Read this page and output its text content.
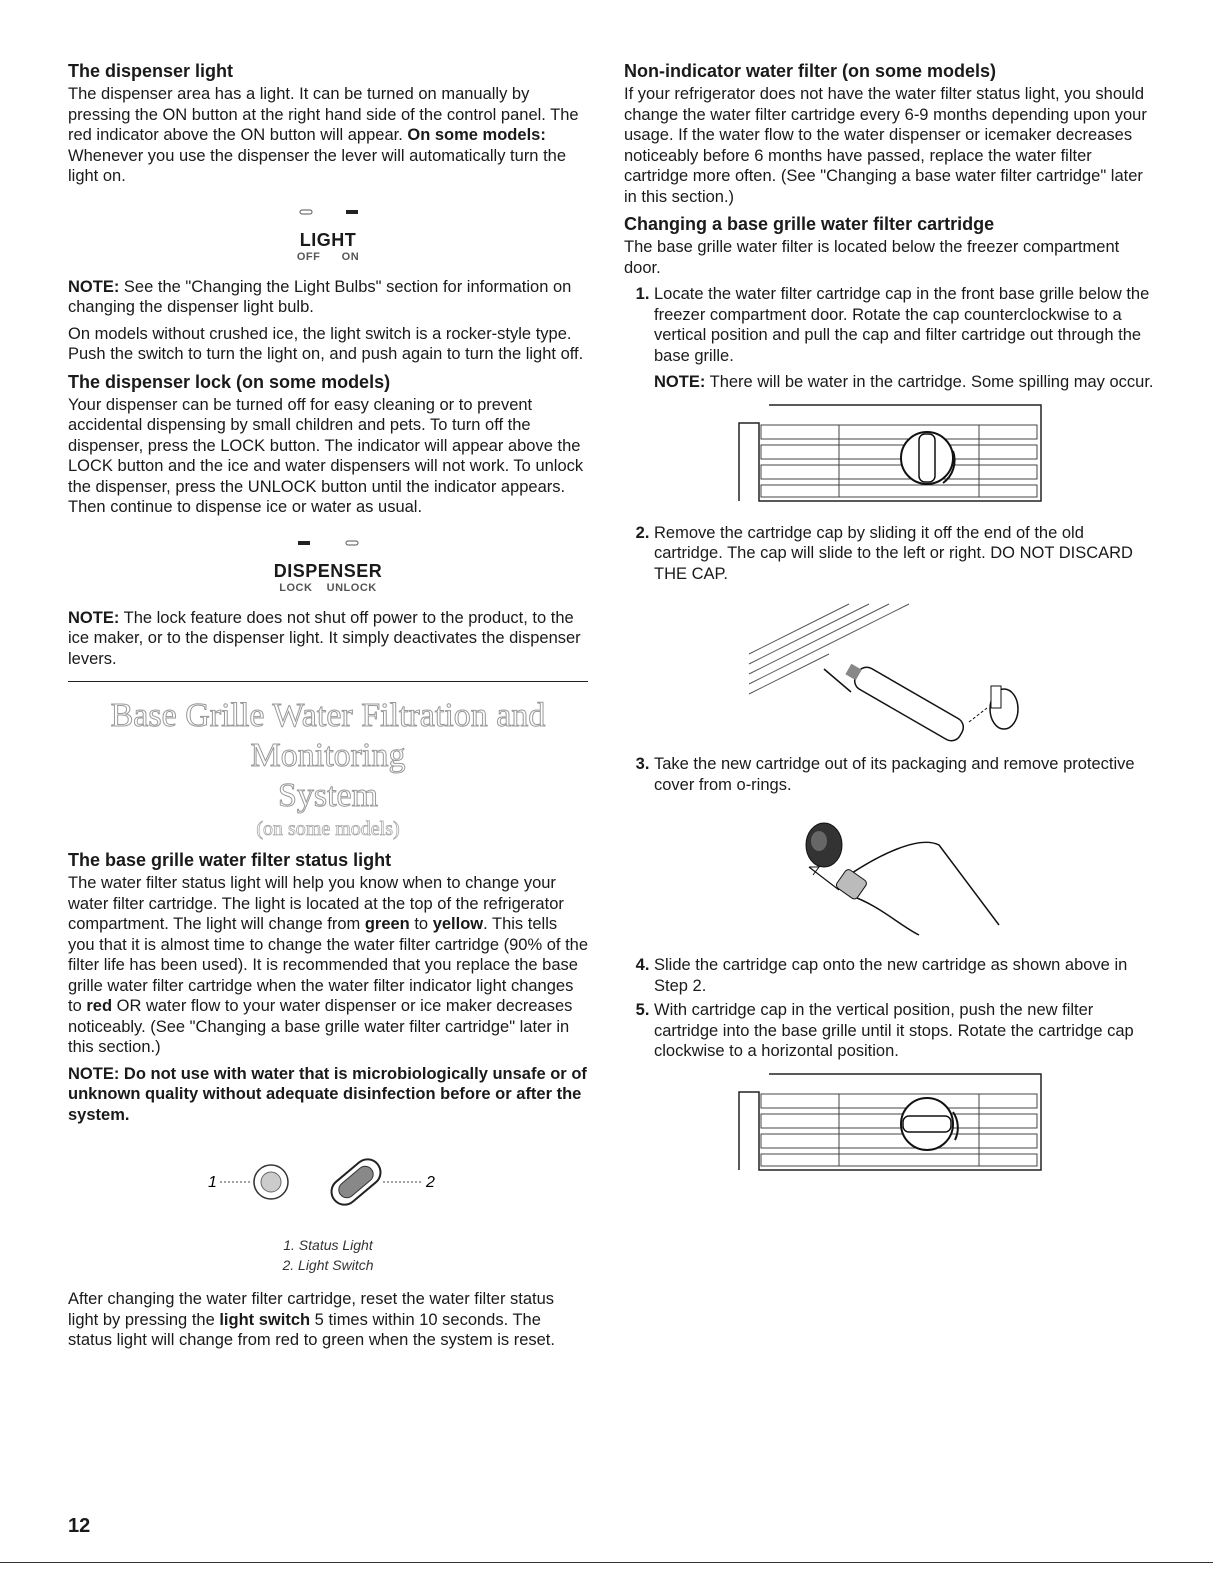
The dispenser light

The dispenser area has a light. It can be turned on manually by pressing the ON button at the right hand side of the control panel. The red indicator above the ON button will appear. On some models: Whenever you use the dispenser the lever will automatically turn the light on.

LIGHT
OFF ON

NOTE: See the "Changing the Light Bulbs" section for information on changing the dispenser light bulb.

On models without crushed ice, the light switch is a rocker-style type. Push the switch to turn the light on, and push again to turn the light off.

The dispenser lock (on some models)

Your dispenser can be turned off for easy cleaning or to prevent accidental dispensing by small children and pets. To turn off the dispenser, press the LOCK button. The indicator will appear above the LOCK button and the ice and water dispensers will not work. To unlock the dispenser, press the UNLOCK button until the indicator appears. Then continue to dispense ice or water as usual.

DISPENSER
LOCK UNLOCK

NOTE: The lock feature does not shut off power to the product, to the ice maker, or to the dispenser light. It simply deactivates the dispenser levers.

Base Grille Water Filtration and Monitoring
System
(on some models)
The base grille water filter status light

The water filter status light will help you know when to change your water filter cartridge. The light is located at the top of the refrigerator compartment. The light will change from green to yellow. This tells you that it is almost time to change the water filter cartridge (90% of the filter life has been used). It is recommended that you replace the base grille water filter cartridge when the water filter indicator light changes to red OR water flow to your water dispenser or ice maker decreases noticeably. (See "Changing a base grille water filter cartridge" later in this section.)

NOTE: Do not use with water that is microbiologically unsafe or of unknown quality without adequate disinfection before or after the system.
1	2
1. Status Light
2. Light Switch

After changing the water filter cartridge, reset the water filter status light by pressing the light switch 5 times within 10 seconds. The status light will change from red to green when the system is reset.

Non-indicator water filter (on some models)

If your refrigerator does not have the water filter status light, you should change the water filter cartridge every 6-9 months depending upon your usage. If the water flow to the water dispenser or icemaker decreases noticeably before 6 months have passed, replace the water filter cartridge more often. (See "Changing a base water filter cartridge" later in this section.)

Changing a base grille water filter cartridge

The base grille water filter is located below the freezer compartment door.

1. Locate the water filter cartridge cap in the front base grille below the freezer compartment door. Rotate the cap counterclockwise to a vertical position and pull the cap and filter cartridge out through the base grille.

NOTE: There will be water in the cartridge. Some spilling may occur.

2. Remove the cartridge cap by sliding it off the end of the old cartridge. The cap will slide to the left or right. DO NOT DISCARD THE CAP.
3. Take the new cartridge out of its packaging and remove protective cover from o-rings.
4. Slide the cartridge cap onto the new cartridge as shown above in Step 2.
5. With cartridge cap in the vertical position, push the new filter cartridge into the base grille until it stops. Rotate the cartridge cap clockwise to a horizontal position.
12
